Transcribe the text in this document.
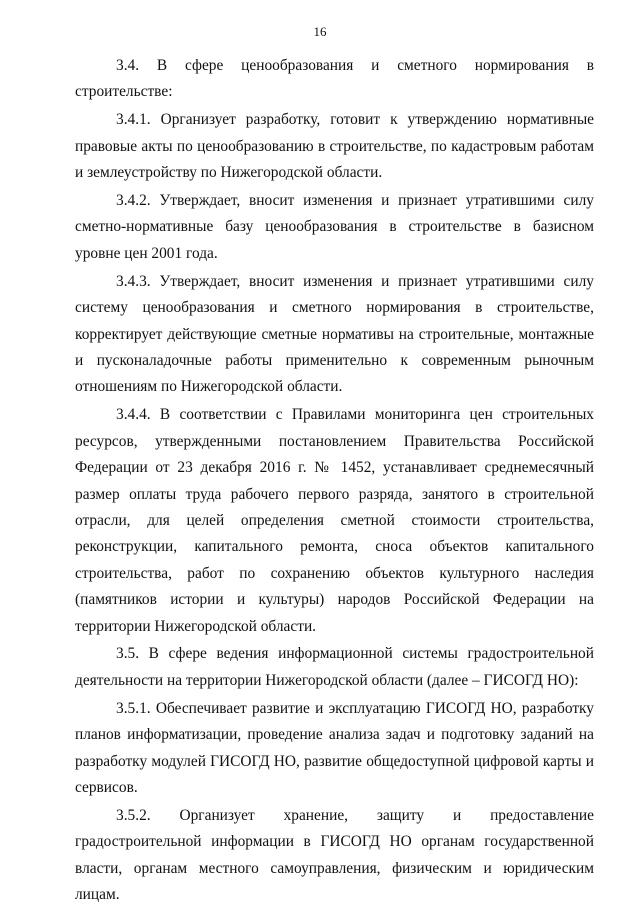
16

3.4. В сфере ценообразования и сметного нормирования в строительстве:

3.4.1. Организует разработку, готовит к утверждению нормативные правовые акты по ценообразованию в строительстве, по кадастровым работам и землеустройству по Нижегородской области.

3.4.2. Утверждает, вносит изменения и признает утратившими силу сметно-нормативные базу ценообразования в строительстве в базисном уровне цен 2001 года.

3.4.3. Утверждает, вносит изменения и признает утратившими силу систему ценообразования и сметного нормирования в строительстве, корректирует действующие сметные нормативы на строительные, монтажные и пусконаладочные работы применительно к современным рыночным отношениям по Нижегородской области.

3.4.4. В соответствии с Правилами мониторинга цен строительных ресурсов, утвержденными постановлением Правительства Российской Федерации от 23 декабря 2016 г. № 1452, устанавливает среднемесячный размер оплаты труда рабочего первого разряда, занятого в строительной отрасли, для целей определения сметной стоимости строительства, реконструкции, капитального ремонта, сноса объектов капитального строительства, работ по сохранению объектов культурного наследия (памятников истории и культуры) народов Российской Федерации на территории Нижегородской области.

3.5. В сфере ведения информационной системы градостроительной деятельности на территории Нижегородской области (далее – ГИСОГД НО):

3.5.1. Обеспечивает развитие и эксплуатацию ГИСОГД НО, разработку планов информатизации, проведение анализа задач и подготовку заданий на разработку модулей ГИСОГД НО, развитие общедоступной цифровой карты и сервисов.

3.5.2. Организует хранение, защиту и предоставление градостроительной информации в ГИСОГД НО органам государственной власти, органам местного самоуправления, физическим и юридическим лицам.
